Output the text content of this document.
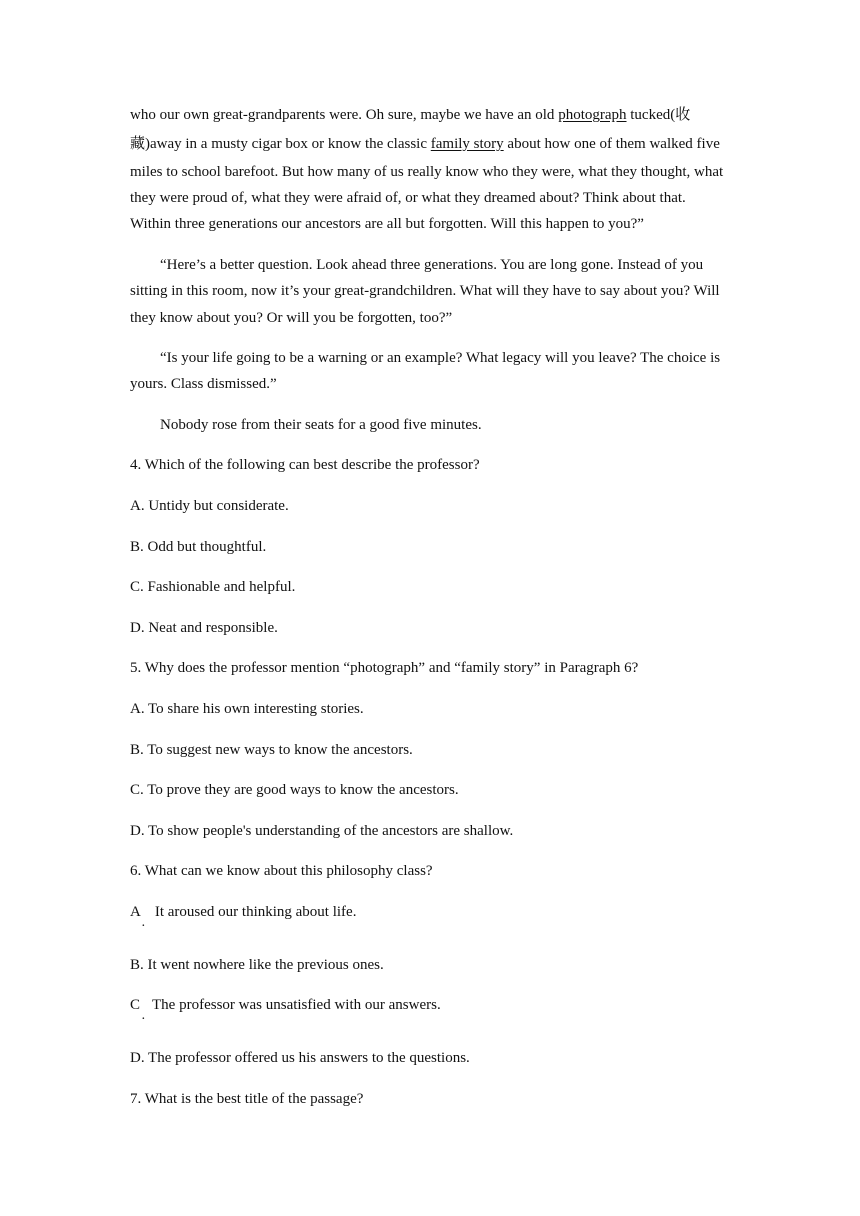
who our own great-grandparents were. Oh sure, maybe we have an old photograph tucked(收
藏)away in a musty cigar box or know the classic family story about how one of them walked five
miles to school barefoot. But how many of us really know who they were, what they thought, what
they were proud of, what they were afraid of, or what they dreamed about? Think about that.
Within three generations our ancestors are all but forgotten. Will this happen to you?”
“Here’s a better question. Look ahead three generations. You are long gone. Instead of you
sitting in this room, now it’s your great-grandchildren. What will they have to say about you? Will
they know about you? Or will you be forgotten, too?”
“Is your life going to be a warning or an example? What legacy will you leave? The choice is
yours. Class dismissed.”
Nobody rose from their seats for a good five minutes.
4. Which of the following can best describe the professor?
A. Untidy but considerate.
B. Odd but thoughtful.
C. Fashionable and helpful.
D. Neat and responsible.
5. Why does the professor mention “photograph” and “family story” in Paragraph 6?
A. To share his own interesting stories.
B. To suggest new ways to know the ancestors.
C. To prove they are good ways to know the ancestors.
D. To show people's understanding of the ancestors are shallow.
6. What can we know about this philosophy class?
A It aroused our thinking about life.
·
B. It went nowhere like the previous ones.
C The professor was unsatisfied with our answers.
·
D. The professor offered us his answers to the questions.
7. What is the best title of the passage?
